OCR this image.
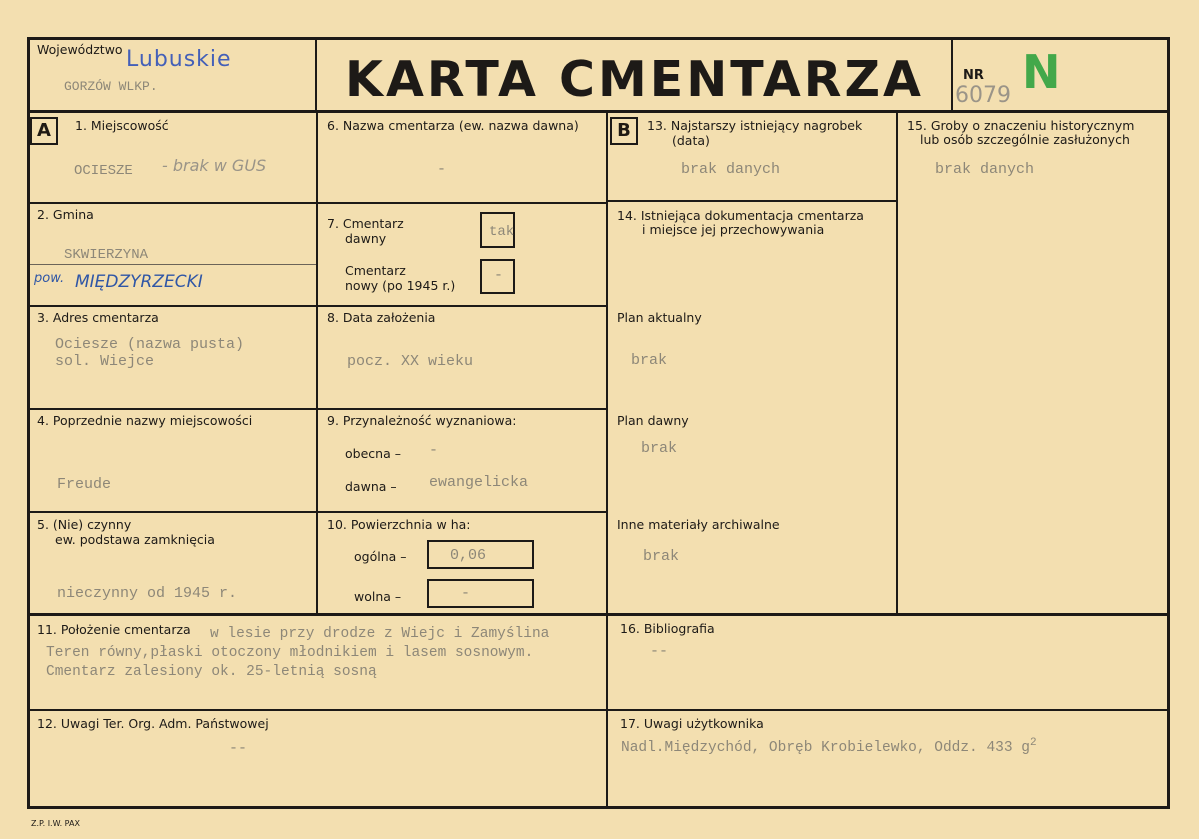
Województwo Lubuskie
GORZÓW WLKP.	KARTA CMENTARZA	NR N
6079
A	1. Miejscowość
OCIESZE - brak w GUS
2. Gmina
SKWIERZYNA
pow. MIĘDZYRZECKI
3. Adres cmentarza
Ociesze (nazwa pusta)
sol. Wiejce
4. Poprzednie nazwy miejscowości
Freude
5. (Nie) czynny
ew. podstawa zamknięcia
nieczynny od 1945 r.
6. Nazwa cmentarza (ew. nazwa dawna)
-
7. Cmentarz
dawny	tak
Cmentarz
nowy (po 1945 r.)
-
8. Data założenia
pocz. XX wieku
9. Przynależność wyznaniowa:
obecna – -
dawna – ewangelicka
10. Powierzchnia w ha:
ogólna –	0,06
wolna –	-
B	13. Najstarszy istniejący nagrobek
(data)
brak danych
14. Istniejąca dokumentacja cmentarza
i miejsce jej przechowywania
Plan aktualny
brak
Plan dawny
brak
Inne materiały archiwalne
brak
15. Groby o znaczeniu historycznym
lub osób szczególnie zasłużonych
brak danych
11. Położenie cmentarza w lesie przy drodze z Wiejc i Zamyślina
Teren równy,płaski otoczony młodnikiem i lasem sosnowym.
Cmentarz zalesiony ok. 25-letnią sosną
12. Uwagi Ter. Org. Adm. Państwowej
--
16. Bibliografia
--
17. Uwagi użytkownika
Nadl.Międzychód, Obręb Krobielewko, Oddz. 433 $g^2$
Z.P. I.W. PAX
